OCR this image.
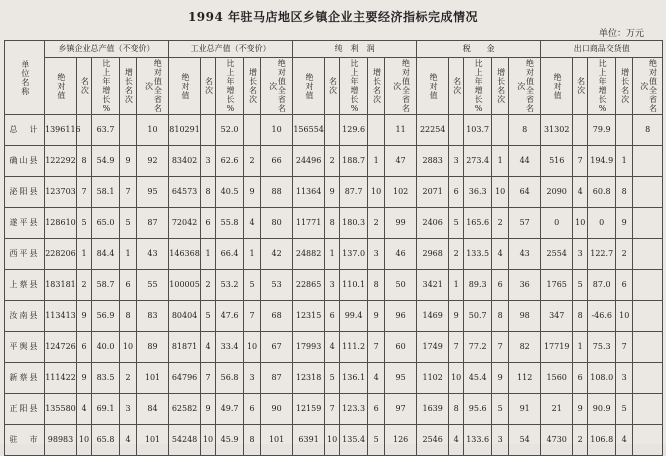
1994 年驻马店地区乡镇企业主要经济指标完成情况
单位：万元
单位名称	乡镇企业总产值（不变价）					工业总产值（不变价）					纯　利　润					税　　金					出口商品交货值				

	绝对值	名次	比上年增长%	增长名次	绝对值全省名次	绝对值	名次	比上年增长%	增长名次	绝对值全省名次	绝对值	名次	比上年增长%	增长名次	绝对值全省名次	绝对值	名次	比上年增长%	增长名次	绝对值全省名次	绝对值	名次	比上年增长%	增长名次	绝对值全省名次

总　计	1396116		63.7		10	810291		52.0		10	156554		129.6		11	22254		103.7		8	31302		79.9		8
确山县	122292	8	54.9	9	92	83402	3	62.6	2	66	24496	2	188.7	1	47	2883	3	273.4	1	44	516	7	194.9	1	
泌阳县	123703	7	58.1	7	95	64573	8	40.5	9	88	11364	9	87.7	10	102	2071	6	36.3	10	64	2090	4	60.8	8	
遂平县	128610	5	65.0	5	87	72042	6	55.8	4	80	11771	8	180.3	2	99	2406	5	165.6	2	57	0	10	0	9	
西平县	228206	1	84.4	1	43	146368	1	66.4	1	42	24882	1	137.0	3	46	2968	2	133.5	4	43	2554	3	122.7	2	
上蔡县	183181	2	58.7	6	55	100005	2	53.2	5	53	22865	3	110.1	8	50	3421	1	89.3	6	36	1765	5	87.0	6	
汝南县	113413	9	56.9	8	83	80404	5	47.6	7	68	12315	6	99.4	9	96	1469	9	50.7	8	98	347	8	-46.6	10	
平舆县	124726	6	40.0	10	89	81871	4	33.4	10	67	17993	4	111.2	7	60	1749	7	77.2	7	82	17719	1	75.3	7	
新蔡县	111422	9	83.5	2	101	64796	7	56.8	3	87	12318	5	136.1	4	95	1102	10	45.4	9	112	1560	6	108.0	3	
正阳县	135580	4	69.1	3	84	62582	9	49.7	6	90	12159	7	123.3	6	97	1639	8	95.6	5	91	21	9	90.9	5	
驻　市	98983	10	65.8	4	101	54248	10	45.9	8	101	6391	10	135.4	5	126	2546	4	133.6	3	54	4730	2	106.8	4	
